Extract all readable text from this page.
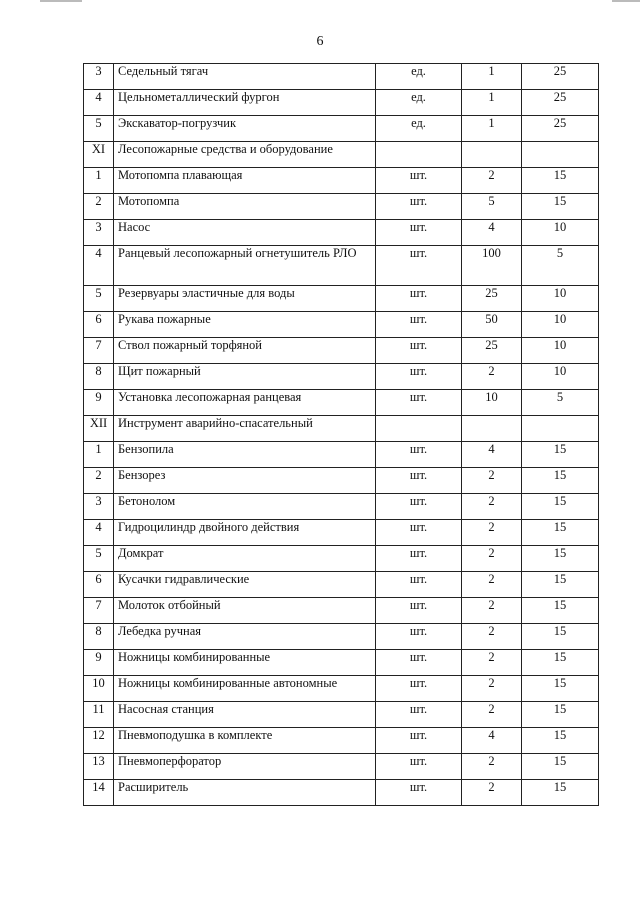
6
3	Седельный тягач	ед.	1	25
4	Цельнометаллический фургон	ед.	1	25
5	Экскаватор-погрузчик	ед.	1	25
XI	Лесопожарные средства и оборудование			
1	Мотопомпа плавающая	шт.	2	15
2	Мотопомпа	шт.	5	15
3	Насос	шт.	4	10
4	Ранцевый лесопожарный огнетушитель РЛО	шт.	100	5
5	Резервуары эластичные для воды	шт.	25	10
6	Рукава пожарные	шт.	50	10
7	Ствол пожарный торфяной	шт.	25	10
8	Щит пожарный	шт.	2	10
9	Установка лесопожарная ранцевая	шт.	10	5
XII	Инструмент аварийно-спасательный			
1	Бензопила	шт.	4	15
2	Бензорез	шт.	2	15
3	Бетонолом	шт.	2	15
4	Гидроцилиндр двойного действия	шт.	2	15
5	Домкрат	шт.	2	15
6	Кусачки гидравлические	шт.	2	15
7	Молоток отбойный	шт.	2	15
8	Лебедка ручная	шт.	2	15
9	Ножницы комбинированные	шт.	2	15
10	Ножницы комбинированные автономные	шт.	2	15
11	Насосная станция	шт.	2	15
12	Пневмоподушка в комплекте	шт.	4	15
13	Пневмоперфоратор	шт.	2	15
14	Расширитель	шт.	2	15
